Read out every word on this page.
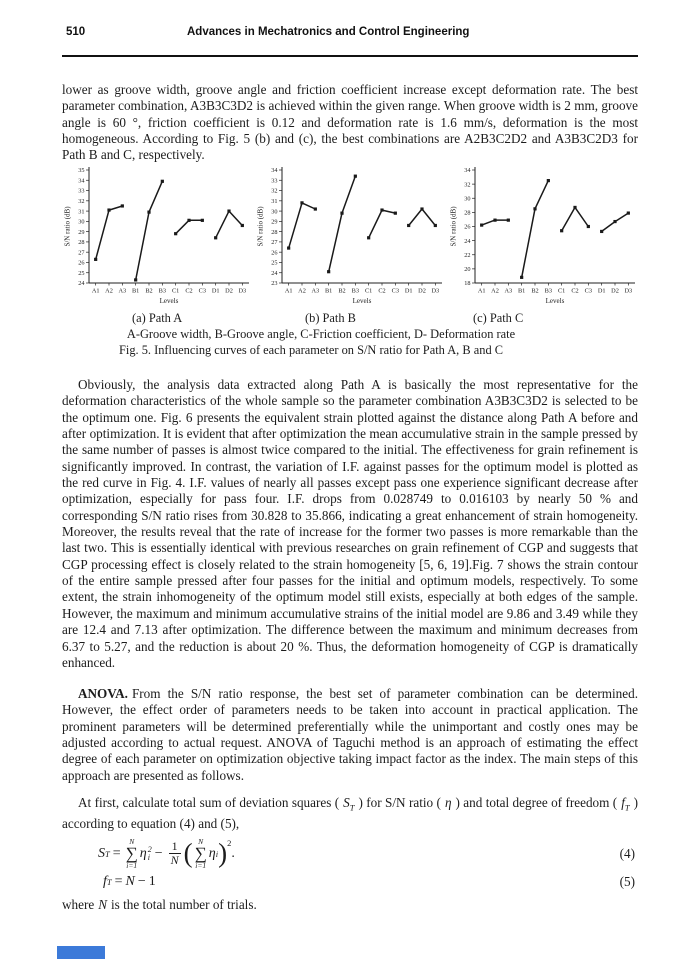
510	Advances in Mechatronics and Control Engineering

lower as groove width, groove angle and friction coefficient increase except deformation rate. The best parameter combination, A3B3C3D2 is achieved within the given range. When groove width is 2 mm, groove angle is 60 °, friction coefficient is 0.12 and deformation rate is 1.6 mm/s, deformation is the most homogeneous. According to Fig. 5 (b) and (c), the best combinations are A2B3C2D2 and A3B3C2D3 for Path B and C, respectively.

24
25
26
27
28
29
30
31
32
33
34
35
A1 A2 A3 B1 B2 B3 C1 C2 C3 D1 D2 D3
Levels
S/N ratio (dB)
23
24
25
26
27
28
29
30
31
32
33
34
A1 A2 A3 B1 B2 B3 C1 C2 C3 D1 D2 D3
Levels
S/N ratio (dB)
18
20
22
24
26
28
30
32
34
A1 A2 A3 B1 B2 B3 C1 C2 C3 D1 D2 D3
Levels
S/N ratio (dB)
(a) Path A	(b) Path B	(c) Path C
A-Groove width, B-Groove angle, C-Friction coefficient, D- Deformation rate
Fig. 5. Influencing curves of each parameter on S/N ratio for Path A, B and C

Obviously, the analysis data extracted along Path A is basically the most representative for the deformation characteristics of the whole sample so the parameter combination A3B3C3D2 is selected to be the optimum one. Fig. 6 presents the equivalent strain plotted against the distance along Path A before and after optimization. It is evident that after optimization the mean accumulative strain in the sample pressed by the same number of passes is almost twice compared to the initial. The effectiveness for grain refinement is significantly improved. In contrast, the variation of I.F. against passes for the optimum model is plotted as the red curve in Fig. 4. I.F. values of nearly all passes except pass one experience significant decrease after optimization, especially for pass four. I.F. drops from 0.028749 to 0.016103 by nearly 50 % and corresponding S/N ratio rises from 30.828 to 35.866, indicating a great enhancement of strain homogeneity. Moreover, the results reveal that the rate of increase for the former two passes is more remarkable than the last two. This is essentially identical with previous researches on grain refinement of CGP and suggests that CGP processing effect is closely related to the strain homogeneity [5, 6, 19].Fig. 7 shows the strain contour of the entire sample pressed after four passes for the initial and optimum models, respectively. To some extent, the strain inhomogeneity of the optimum model still exists, especially at both edges of the sample. However, the maximum and minimum accumulative strains of the initial model are 9.86 and 3.49 while they are 12.4 and 7.13 after optimization. The difference between the maximum and minimum decreases from 6.37 to 5.27, and the reduction is about 20 %. Thus, the deformation homogeneity of CGP is dramatically enhanced.

ANOVA. From the S/N ratio response, the best set of parameter combination can be determined. However, the effect order of parameters needs to be taken into account in practical application. The prominent parameters will be determined preferentially while the unimportant and costly ones may be adjusted according to actual request. ANOVA of Taguchi method is an approach of estimating the effect degree of each parameter on optimization objective taking impact factor as the index. The main steps of this approach are presented as follows.

At first, calculate total sum of deviation squares ( $S_T$ ) for S/N ratio ( η ) and total degree of freedom ( $f_T$ ) according to equation (4) and (5),

S T =
N
∑
i=1
η 2
$i - \frac{1}{N}$ ( N
∑
i=1
η i )$^2$
.	(4)
f T = N − 1	(5)

where N is the total number of trials.
